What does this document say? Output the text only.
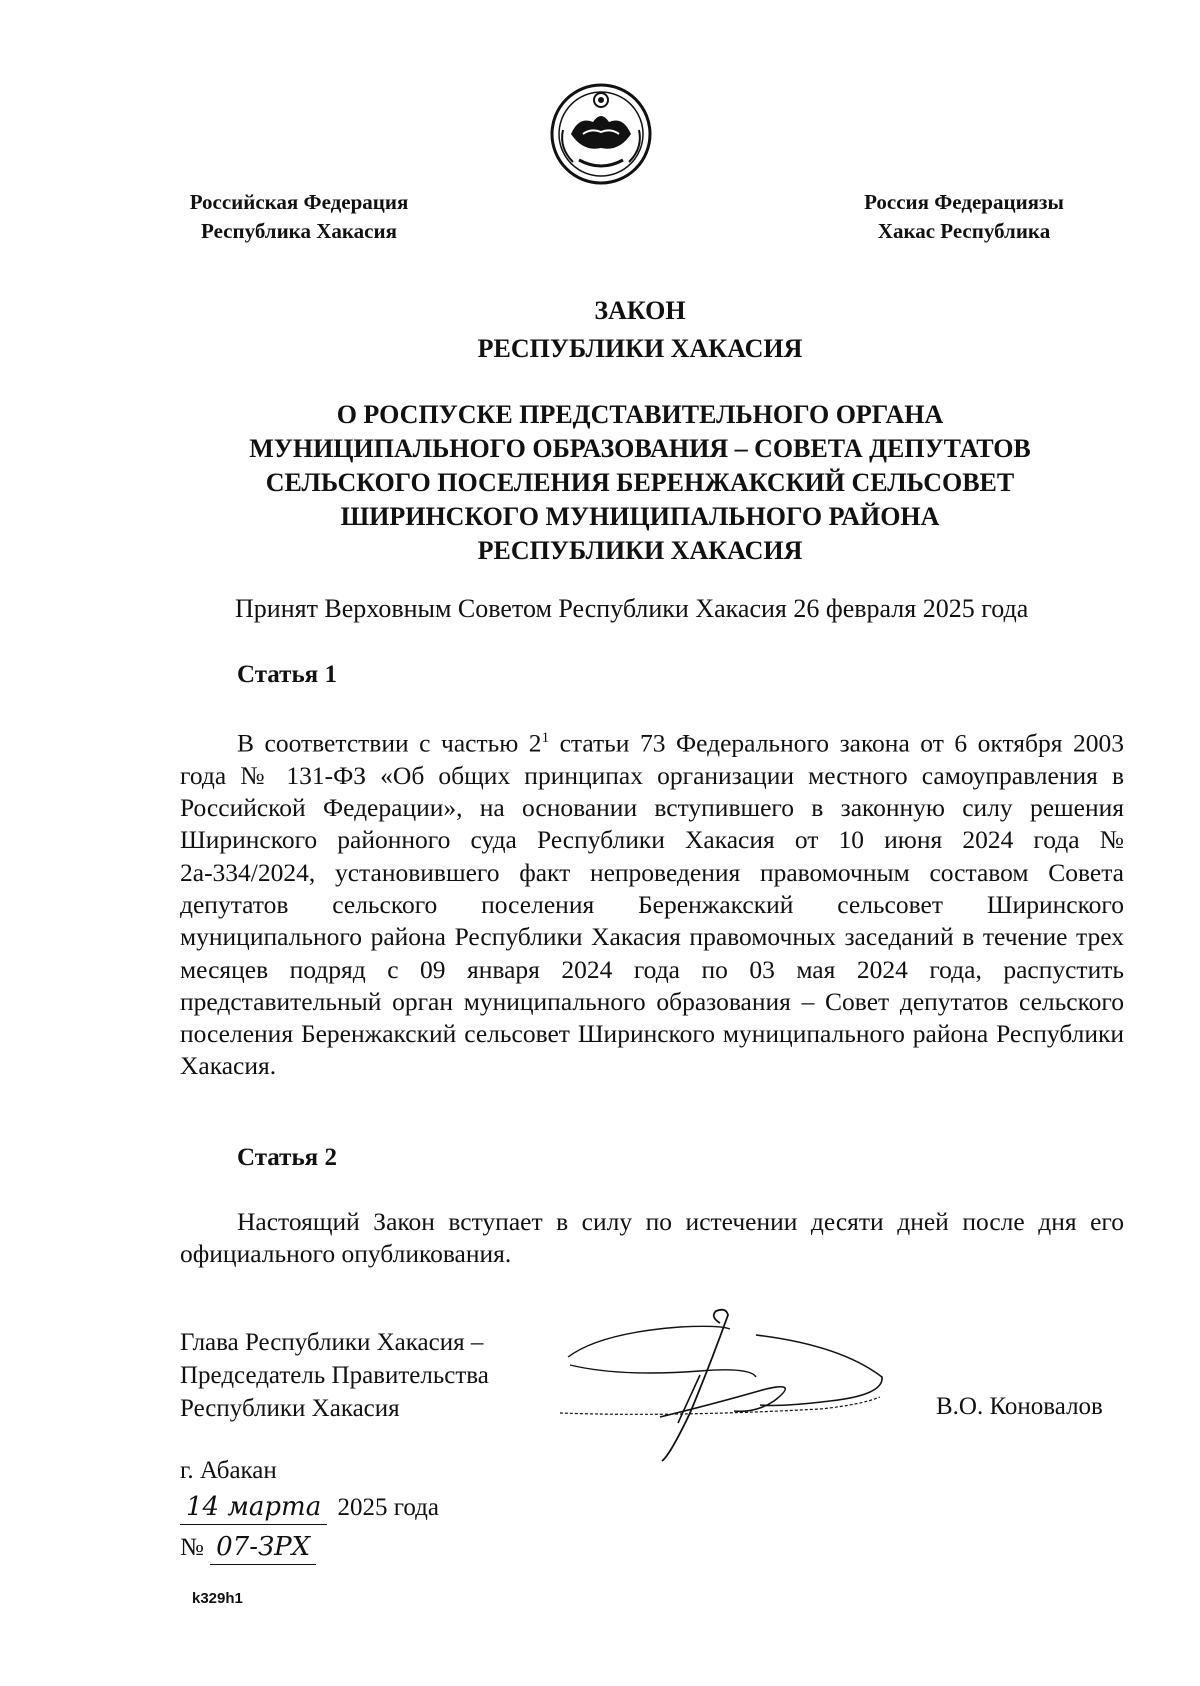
Российская Федерация
Республика Хакасия
Россия Федерациязы
Хакас Республика
ЗАКОН
РЕСПУБЛИКИ ХАКАСИЯ
О РОСПУСКЕ ПРЕДСТАВИТЕЛЬНОГО ОРГАНА
МУНИЦИПАЛЬНОГО ОБРАЗОВАНИЯ – СОВЕТА ДЕПУТАТОВ
СЕЛЬСКОГО ПОСЕЛЕНИЯ БЕРЕНЖАКСКИЙ СЕЛЬСОВЕТ
ШИРИНСКОГО МУНИЦИПАЛЬНОГО РАЙОНА
РЕСПУБЛИКИ ХАКАСИЯ
Принят Верховным Советом Республики Хакасия 26 февраля 2025 года
Статья 1
В соответствии с частью $2^1$ статьи 73 Федерального закона от 6 октября 2003 года № 131-ФЗ «Об общих принципах организации местного самоуправления в Российской Федерации», на основании вступившего в законную силу решения Ширинского районного суда Республики Хакасия от 10 июня 2024 года № 2а-334/2024, установившего факт непроведения правомочным составом Совета депутатов сельского поселения Беренжакский сельсовет Ширинского муниципального района Республики Хакасия правомочных заседаний в течение трех месяцев подряд с 09 января 2024 года по 03 мая 2024 года, распустить представительный орган муниципального образования – Совет депутатов сельского поселения Беренжакский сельсовет Ширинского муниципального района Республики Хакасия.
Статья 2
Настоящий Закон вступает в силу по истечении десяти дней после дня его официального опубликования.
Глава Республики Хакасия –
Председатель Правительства
Республики Хакасия	В.О. Коновалов
г. Абакан
14 марта 2025 года
№ 07-ЗРХ
k329h1
